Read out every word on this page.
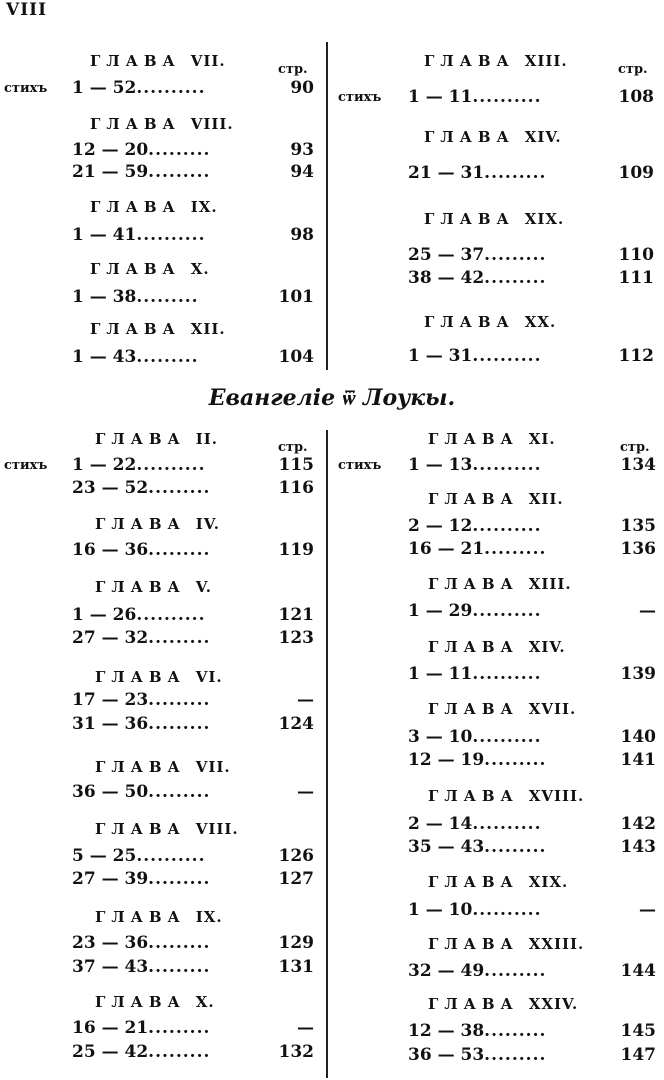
VIII
ГЛАВА VII.	стр.
стихъ 1 — 52..........	90
ГЛАВА VIII.
12 — 20.........	93
21 — 59.........	94
ГЛАВА IX.
1 — 41..........	98
ГЛАВА X.
1 — 38.........	101
ГЛАВА XII.
1 — 43.........	104
ГЛАВА XIII.	стр.
стихъ 1 — 11..........	108
ГЛАВА XIV.
21 — 31.........	109
ГЛАВА XIX.
25 — 37.........	110
38 — 42.........	111
ГЛАВА XX.
1 — 31..........	112
Евангеліе ѿ Лоукы.
ГЛАВА II.	стр.
стихъ 1 — 22..........	115
23 — 52.........	116
ГЛАВА IV.
16 — 36.........	119
ГЛАВА V.
1 — 26..........	121
27 — 32.........	123
ГЛАВА VI.
17 — 23.........	—
31 — 36.........	124
ГЛАВА VII.
36 — 50.........	—
ГЛАВА VIII.
5 — 25..........	126
27 — 39.........	127
ГЛАВА IX.
23 — 36.........	129
37 — 43.........	131
ГЛАВА X.
16 — 21.........	—
25 — 42.........	132
ГЛАВА XI.	стр.
стихъ 1 — 13..........	134
ГЛАВА XII.
2 — 12..........	135
16 — 21.........	136
ГЛАВА XIII.
1 — 29..........	—
ГЛАВА XIV.
1 — 11..........	139
ГЛАВА XVII.
3 — 10..........	140
12 — 19.........	141
ГЛАВА XVIII.
2 — 14..........	142
35 — 43.........	143
ГЛАВА XIX.
1 — 10..........	—
ГЛАВА XXIII.
32 — 49.........	144
ГЛАВА XXIV.
12 — 38.........	145
36 — 53.........	147
